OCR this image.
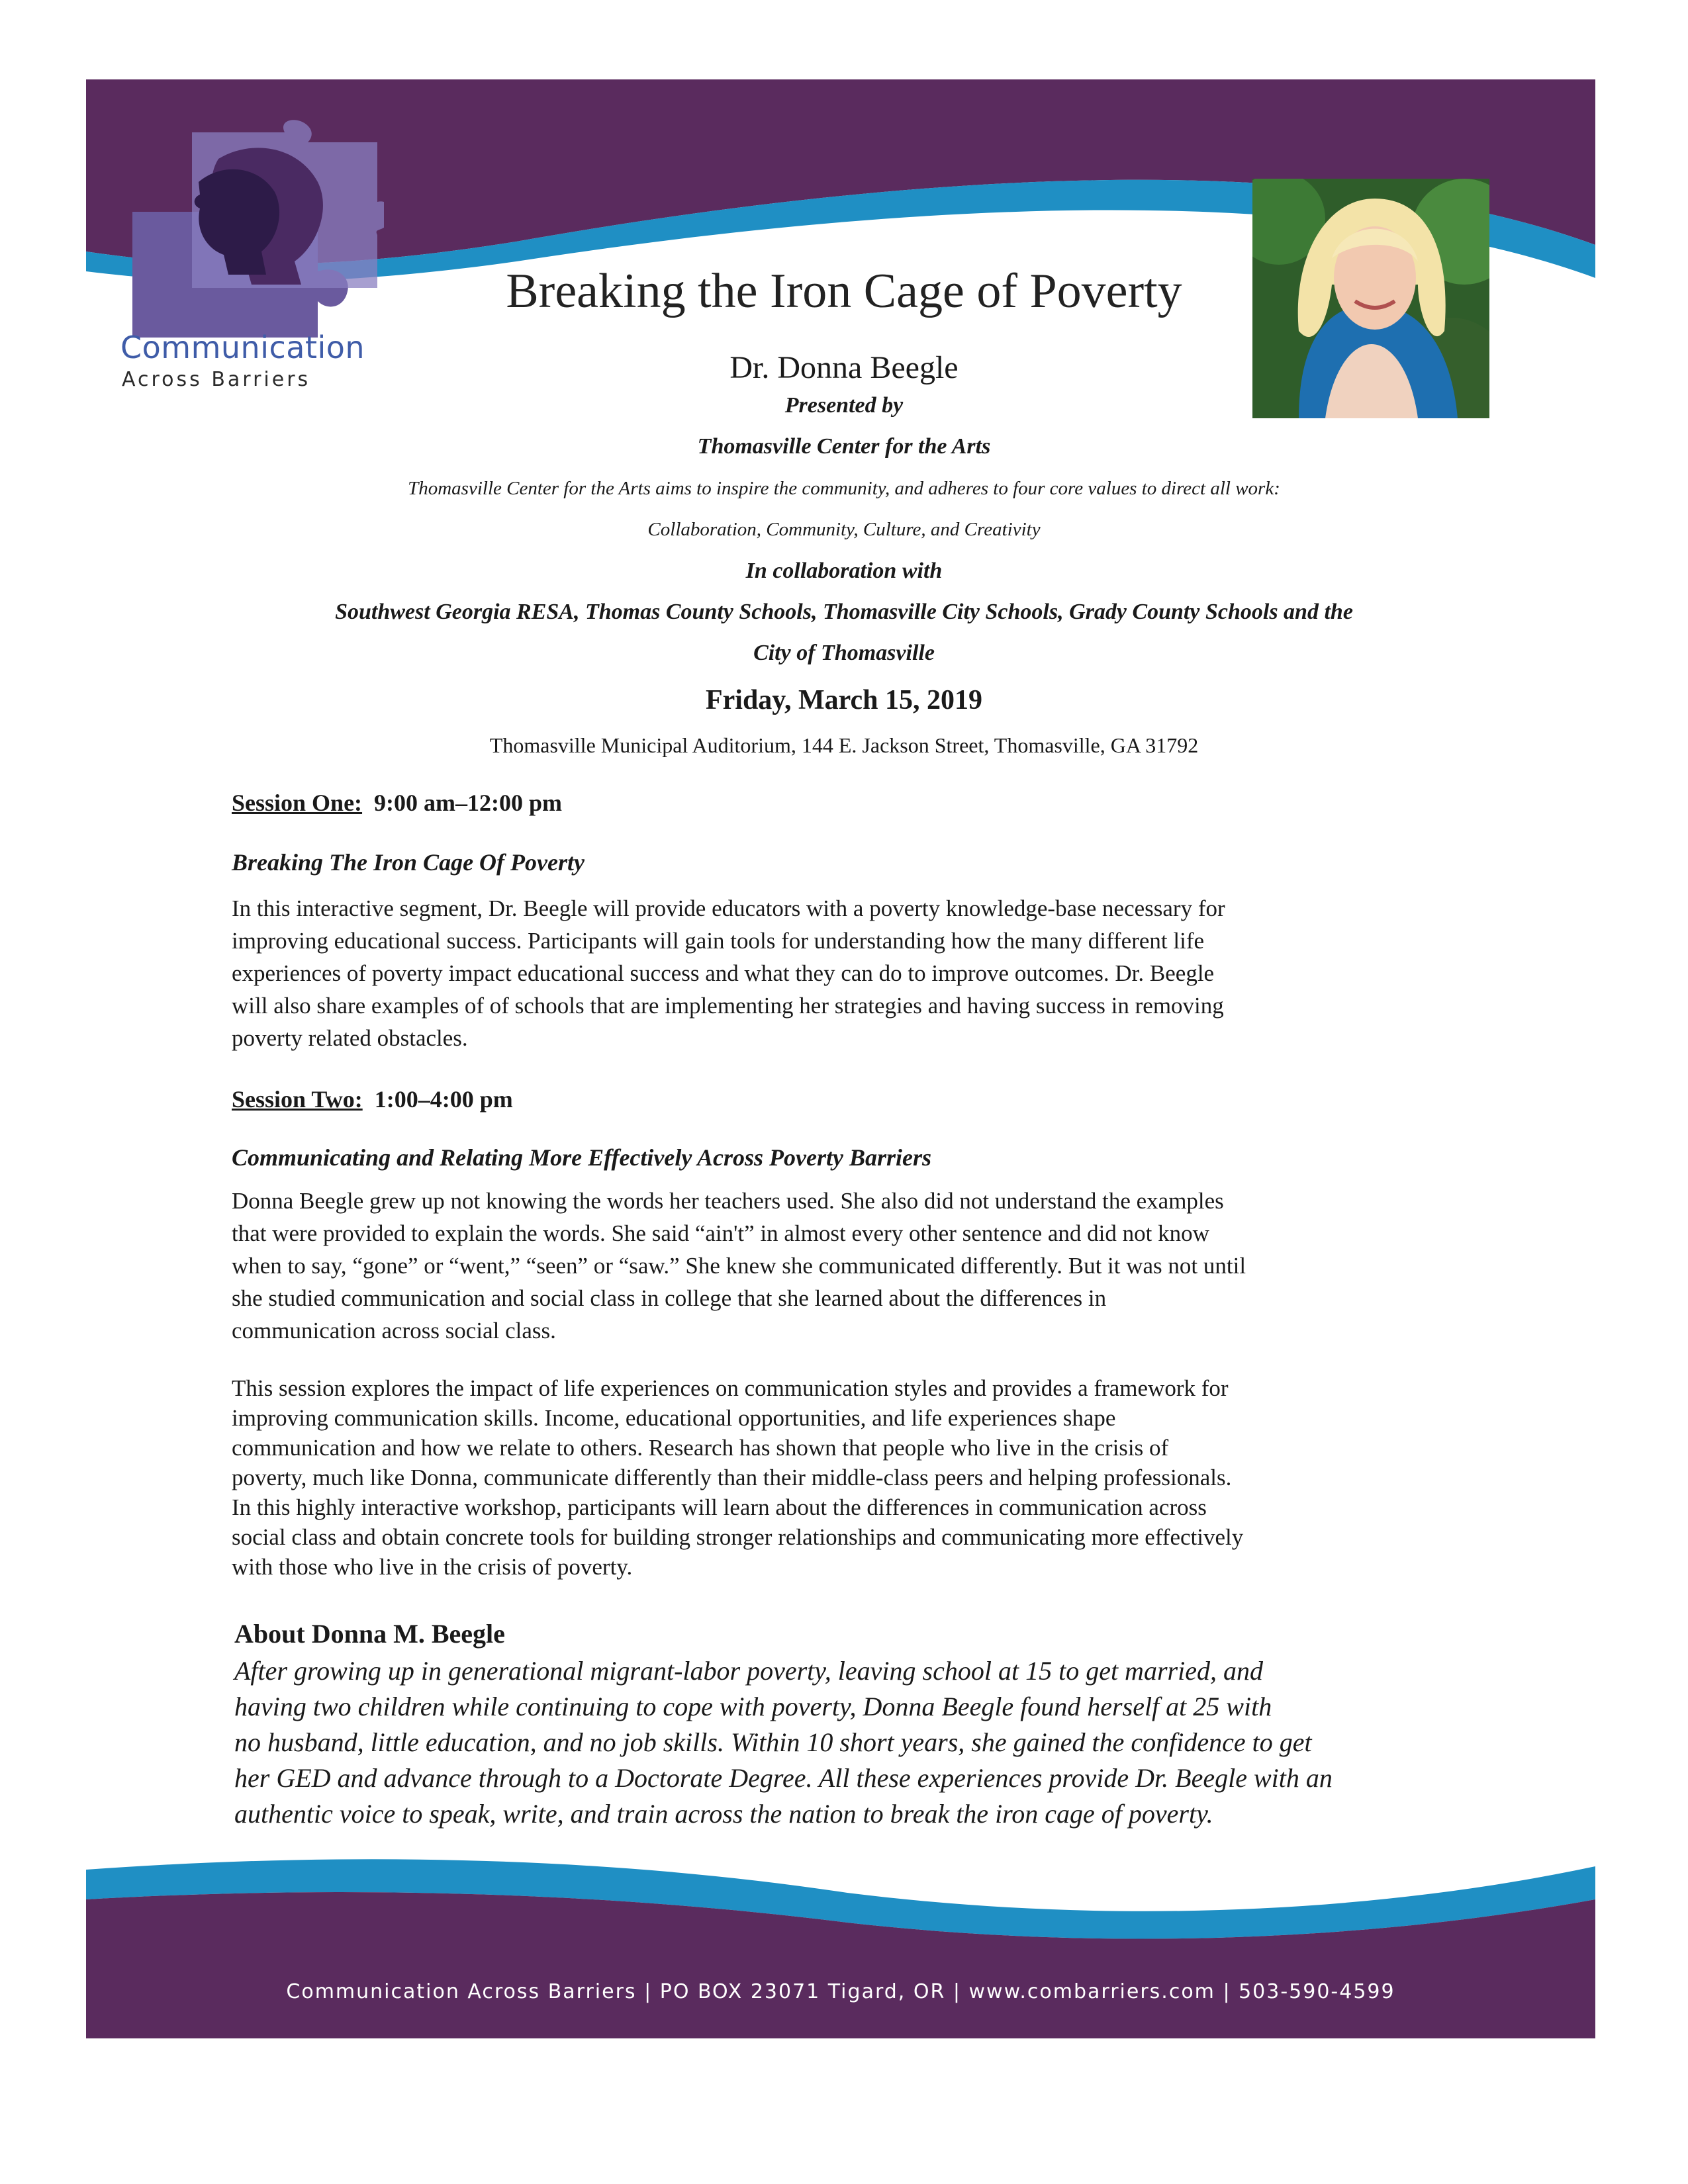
Communication
Across Barriers
Breaking the Iron Cage of Poverty
Dr. Donna Beegle
Presented by
Thomasville Center for the Arts
Thomasville Center for the Arts aims to inspire the community, and adheres to four core values to direct all work:
Collaboration, Community, Culture, and Creativity
In collaboration with
Southwest Georgia RESA, Thomas County Schools, Thomasville City Schools, Grady County Schools and the
City of Thomasville
Friday, March 15, 2019
Thomasville Municipal Auditorium, 144 E. Jackson Street, Thomasville, GA 31792
Session One: 9:00 am–12:00 pm
Breaking The Iron Cage Of Poverty
In this interactive segment, Dr. Beegle will provide educators with a poverty knowledge-base necessary for
improving educational success. Participants will gain tools for understanding how the many different life
experiences of poverty impact educational success and what they can do to improve outcomes. Dr. Beegle
will also share examples of of schools that are implementing her strategies and having success in removing
poverty related obstacles.
Session Two: 1:00–4:00 pm
Communicating and Relating More Effectively Across Poverty Barriers
Donna Beegle grew up not knowing the words her teachers used. She also did not understand the examples
that were provided to explain the words. She said “ain't” in almost every other sentence and did not know
when to say, “gone” or “went,” “seen” or “saw.” She knew she communicated differently. But it was not until
she studied communication and social class in college that she learned about the differences in
communication across social class.
This session explores the impact of life experiences on communication styles and provides a framework for
improving communication skills. Income, educational opportunities, and life experiences shape
communication and how we relate to others. Research has shown that people who live in the crisis of
poverty, much like Donna, communicate differently than their middle-class peers and helping professionals.
In this highly interactive workshop, participants will learn about the differences in communication across
social class and obtain concrete tools for building stronger relationships and communicating more effectively
with those who live in the crisis of poverty.
About Donna M. Beegle
After growing up in generational migrant-labor poverty, leaving school at 15 to get married, and
having two children while continuing to cope with poverty, Donna Beegle found herself at 25 with
no husband, little education, and no job skills. Within 10 short years, she gained the confidence to get
her GED and advance through to a Doctorate Degree. All these experiences provide Dr. Beegle with an
authentic voice to speak, write, and train across the nation to break the iron cage of poverty.
Communication Across Barriers | PO BOX 23071 Tigard, OR | www.combarriers.com | 503-590-4599
